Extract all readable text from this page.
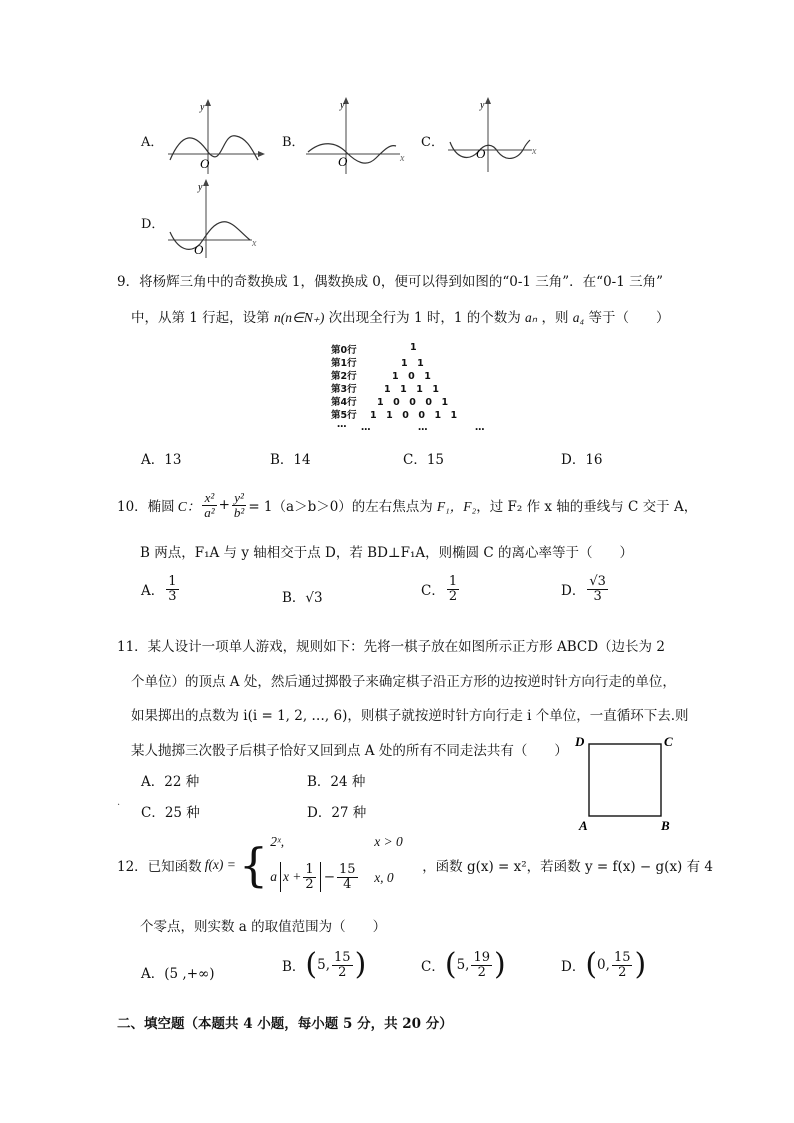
A．
y
O
B．
y
x
O
C．
y
x
O
D．
y
x
O
9．将杨辉三角中的奇数换成 1，偶数换成 0，便可以得到如图的“0-1 三角”．在“0-1 三角”
中，从第 1 行起，设第 n(n∈N₊) 次出现全行为 1 时，1 的个数为 aₙ ，则 a₄ 等于（　　）
第0行	1
第1行	1　1
第2行	1　0　1
第3行	1　1　1　1
第4行 1　0　0　0　1
第5行 1　1　0　0　1　1
… …　　　　　…　　　　　…
A．13	B．14	C．15	D．16
10．椭圆 C： $\frac{\text{x²}}{\text{a²}} + \frac{\text{y²}}{\text{b²}} = 1(a>b>0)$的左右焦点为 F₁，F₂ ，过 F₂ 作 x 轴的垂线与 C 交于 A，
B 两点，F₁A 与 y 轴相交于点 D，若 BD⊥F₁A，则椭圆 C 的离心率等于（　　）
A． $\frac{1}{3}$	B．√3	C． $\frac{1}{2}$	D． $\frac{√3}{3}$
11．某人设计一项单人游戏，规则如下：先将一棋子放在如图所示正方形 ABCD（边长为 2
个单位）的顶点 A 处，然后通过掷骰子来确定棋子沿正方形的边按逆时针方向行走的单位，
如果掷出的点数为 i(i = 1, 2, …, 6)，则棋子就按逆时针方向行走 i 个单位，一直循环下去.则
某人抛掷三次骰子后棋子恰好又回到点 A 处的所有不同走法共有（　　）
A．22 种	B．24 种
· C．25 种	D．27 种
D	C
A	B
12．已知函数 f(x) = { 2ˣ,	x > 0
a $x + \frac{1}{2} - \frac{15}{4} x$, 0
，函数 g(x) = x²，若函数 y = f(x) − g(x) 有 4
个零点，则实数 a 的取值范围为（　　）
A．(5 ,+∞)	B． ( 5, $\frac{15}{2}$ )	C． ( 5, $\frac{19}{2}$ )	D． ( 0, $\frac{15}{2}$ )
二、填空题（本题共 4 小题，每小题 5 分，共 20 分）
